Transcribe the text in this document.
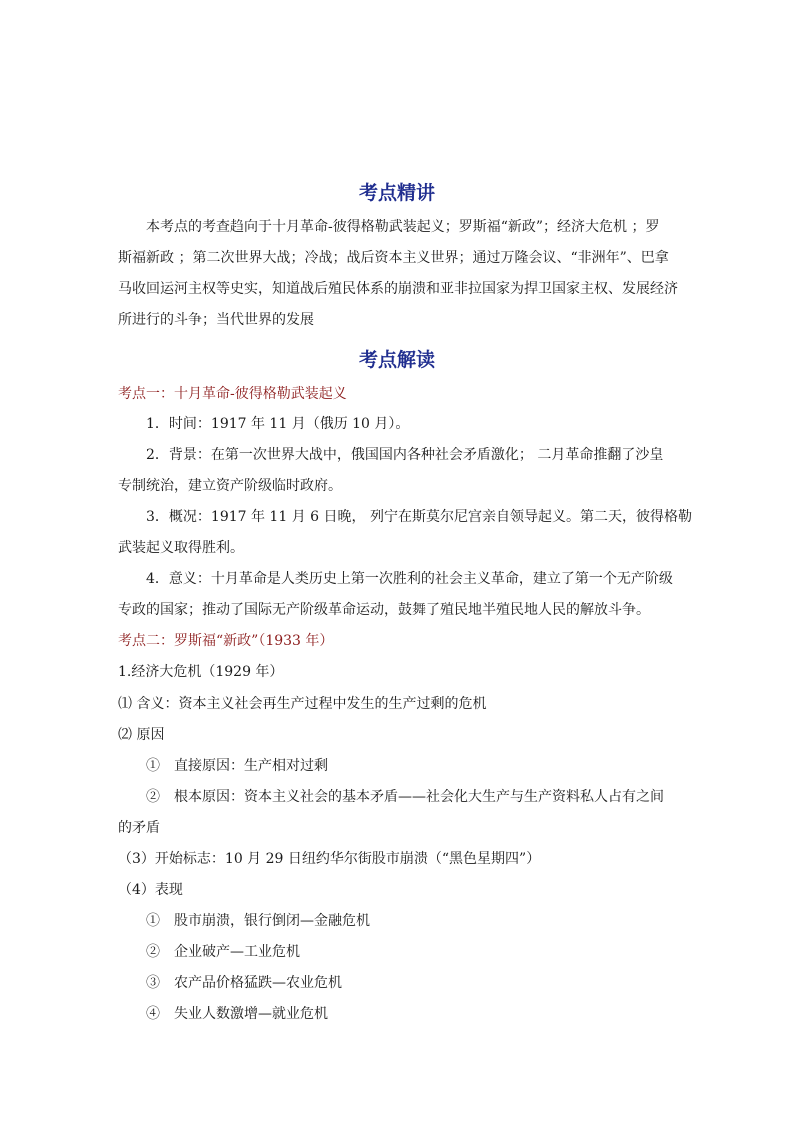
考点精讲
本考点的考查趋向于十月革命-彼得格勒武装起义；罗斯福“新政”；经济大危机 ；罗
斯福新政 ；第二次世界大战；冷战；战后资本主义世界；通过万隆会议、“非洲年”、巴拿
马收回运河主权等史实，知道战后殖民体系的崩溃和亚非拉国家为捍卫国家主权、发展经济
所进行的斗争；当代世界的发展
考点解读
考点一：十月革命-彼得格勒武装起义
1．时间：1917 年 11 月（俄历 10 月）。
2．背景：在第一次世界大战中，俄国国内各种社会矛盾激化； 二月革命推翻了沙皇
专制统治，建立资产阶级临时政府。
3．概况：1917 年 11 月 6 日晚， 列宁在斯莫尔尼宫亲自领导起义。第二天，彼得格勒
武装起义取得胜利。
4．意义：十月革命是人类历史上第一次胜利的社会主义革命，建立了第一个无产阶级
专政的国家；推动了国际无产阶级革命运动，鼓舞了殖民地半殖民地人民的解放斗争。
考点二：罗斯福“新政”（1933 年）
1.经济大危机（1929 年）
⑴ 含义：资本主义社会再生产过程中发生的生产过剩的危机
⑵ 原因
①　直接原因：生产相对过剩
②　根本原因：资本主义社会的基本矛盾——社会化大生产与生产资料私人占有之间
的矛盾
（3）开始标志：10 月 29 日纽约华尔街股市崩溃（“黑色星期四”）
（4）表现
①　股市崩溃，银行倒闭—金融危机
②　企业破产—工业危机
③　农产品价格猛跌—农业危机
④　失业人数激增—就业危机
